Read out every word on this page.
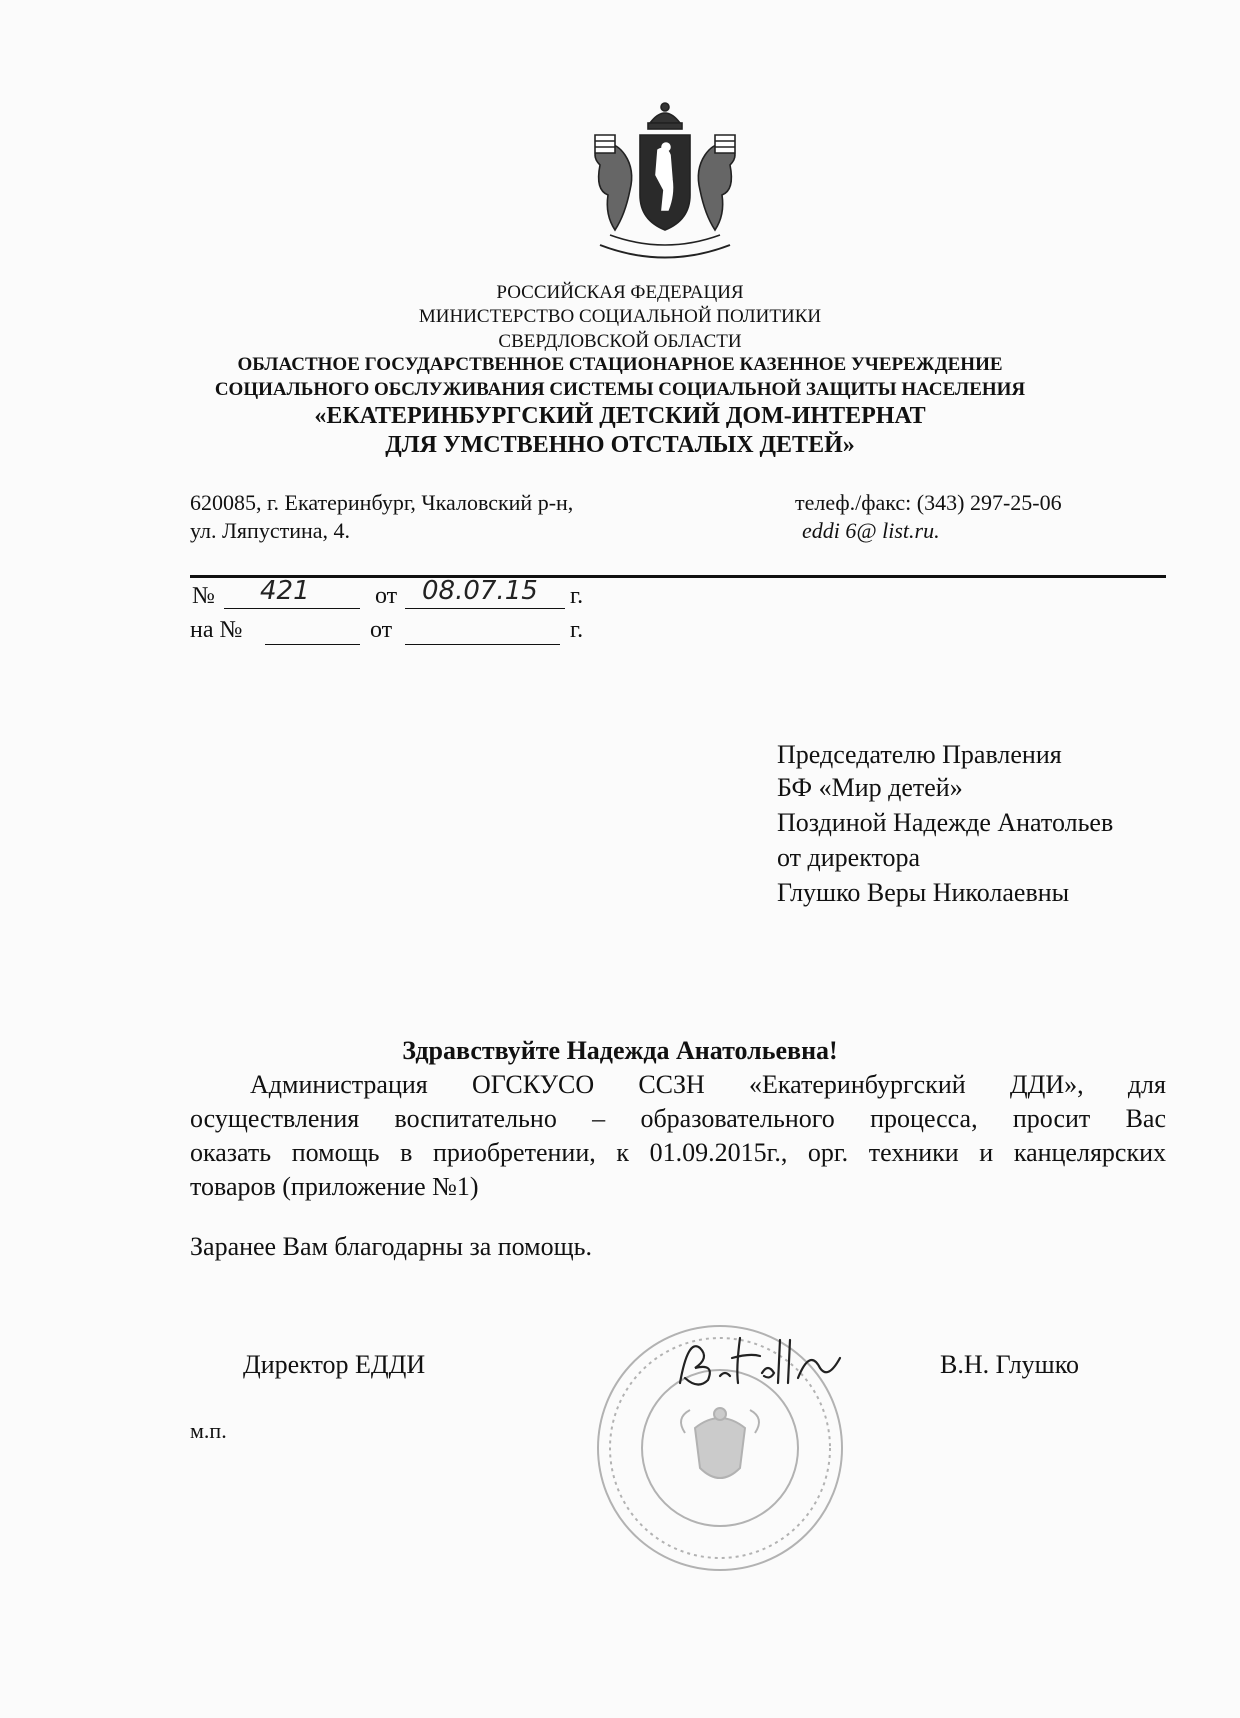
РОССИЙСКАЯ ФЕДЕРАЦИЯ
МИНИСТЕРСТВО СОЦИАЛЬНОЙ ПОЛИТИКИ
СВЕРДЛОВСКОЙ ОБЛАСТИ
ОБЛАСТНОЕ ГОСУДАРСТВЕННОЕ СТАЦИОНАРНОЕ КАЗЕННОЕ УЧЕРЕЖДЕНИЕ
СОЦИАЛЬНОГО ОБСЛУЖИВАНИЯ СИСТЕМЫ СОЦИАЛЬНОЙ ЗАЩИТЫ НАСЕЛЕНИЯ
«ЕКАТЕРИНБУРГСКИЙ ДЕТСКИЙ ДОМ-ИНТЕРНАТ
ДЛЯ УМСТВЕННО ОТСТАЛЫХ ДЕТЕЙ»
620085, г. Екатеринбург, Чкаловский р-н,
ул. Ляпустина, 4.
телеф./факс: (343) 297-25-06
eddi 6@ list.ru.
№ 421	от 08.07.15 г.
на №	от	г.
Председателю Правления
БФ «Мир детей»
Поздиной Надежде Анатольев
от директора
Глушко Веры Николаевны
Здравствуйте Надежда Анатольевна!
Администрация ОГСКУСО ССЗН «Екатеринбургский ДДИ», для
осуществления воспитательно – образовательного процесса, просит Вас
оказать помощь в приобретении, к 01.09.2015г., орг. техники и канцелярских
товаров (приложение №1)
Заранее Вам благодарны за помощь.
Директор ЕДДИ	В.Н. Глушко
м.п.
